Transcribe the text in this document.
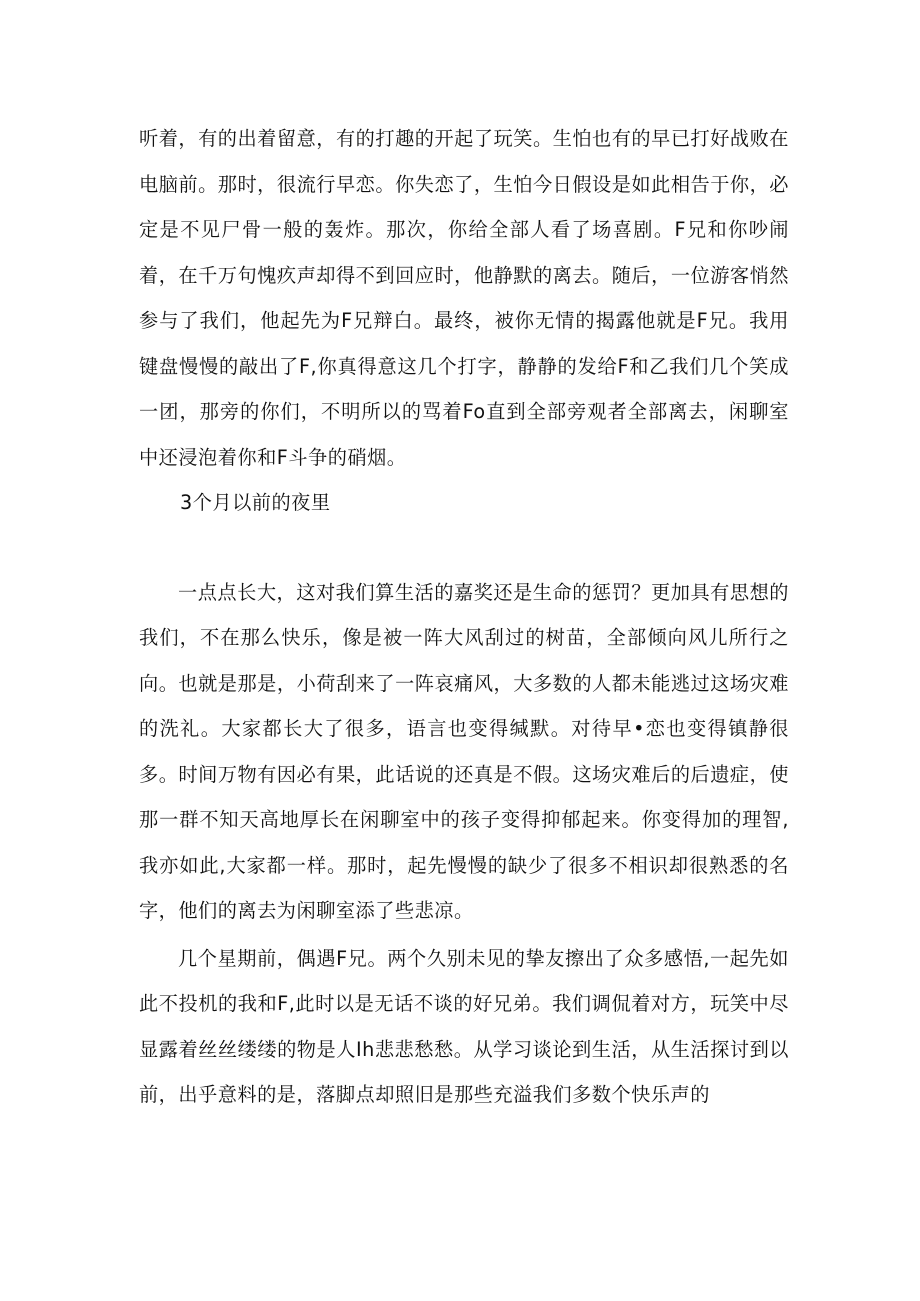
听着，有的出着留意，有的打趣的开起了玩笑。生怕也有的早已打好战败在电脑前。那时，很流行早恋。你失恋了，生怕今日假设是如此相告于你，必定是不见尸骨一般的轰炸。那次，你给全部人看了场喜剧。F兄和你吵闹着，在千万句愧疚声却得不到回应时，他静默的离去。随后，一位游客悄然参与了我们，他起先为F兄辩白。最终，被你无情的揭露他就是F兄。我用键盘慢慢的敲出了F,你真得意这几个打字，静静的发给F和乙我们几个笑成一团，那旁的你们，不明所以的骂着Fo直到全部旁观者全部离去，闲聊室中还浸泡着你和F斗争的硝烟。

3个月以前的夜里

一点点长大，这对我们算生活的嘉奖还是生命的惩罚？更加具有思想的我们，不在那么快乐，像是被一阵大风刮过的树苗，全部倾向风儿所行之向。也就是那是，小荷刮来了一阵哀痛风，大多数的人都未能逃过这场灾难的洗礼。大家都长大了很多，语言也变得缄默。对待早•恋也变得镇静很多。时间万物有因必有果，此话说的还真是不假。这场灾难后的后遗症，使那一群不知天高地厚长在闲聊室中的孩子变得抑郁起来。你变得加的理智,我亦如此,大家都一样。那时，起先慢慢的缺少了很多不相识却很熟悉的名字，他们的离去为闲聊室添了些悲凉。

几个星期前，偶遇F兄。两个久别未见的挚友擦出了众多感悟,一起先如此不投机的我和F,此时以是无话不谈的好兄弟。我们调侃着对方，玩笑中尽显露着丝丝缕缕的物是人Ih悲悲愁愁。从学习谈论到生活，从生活探讨到以前，出乎意料的是，落脚点却照旧是那些充溢我们多数个快乐声的
